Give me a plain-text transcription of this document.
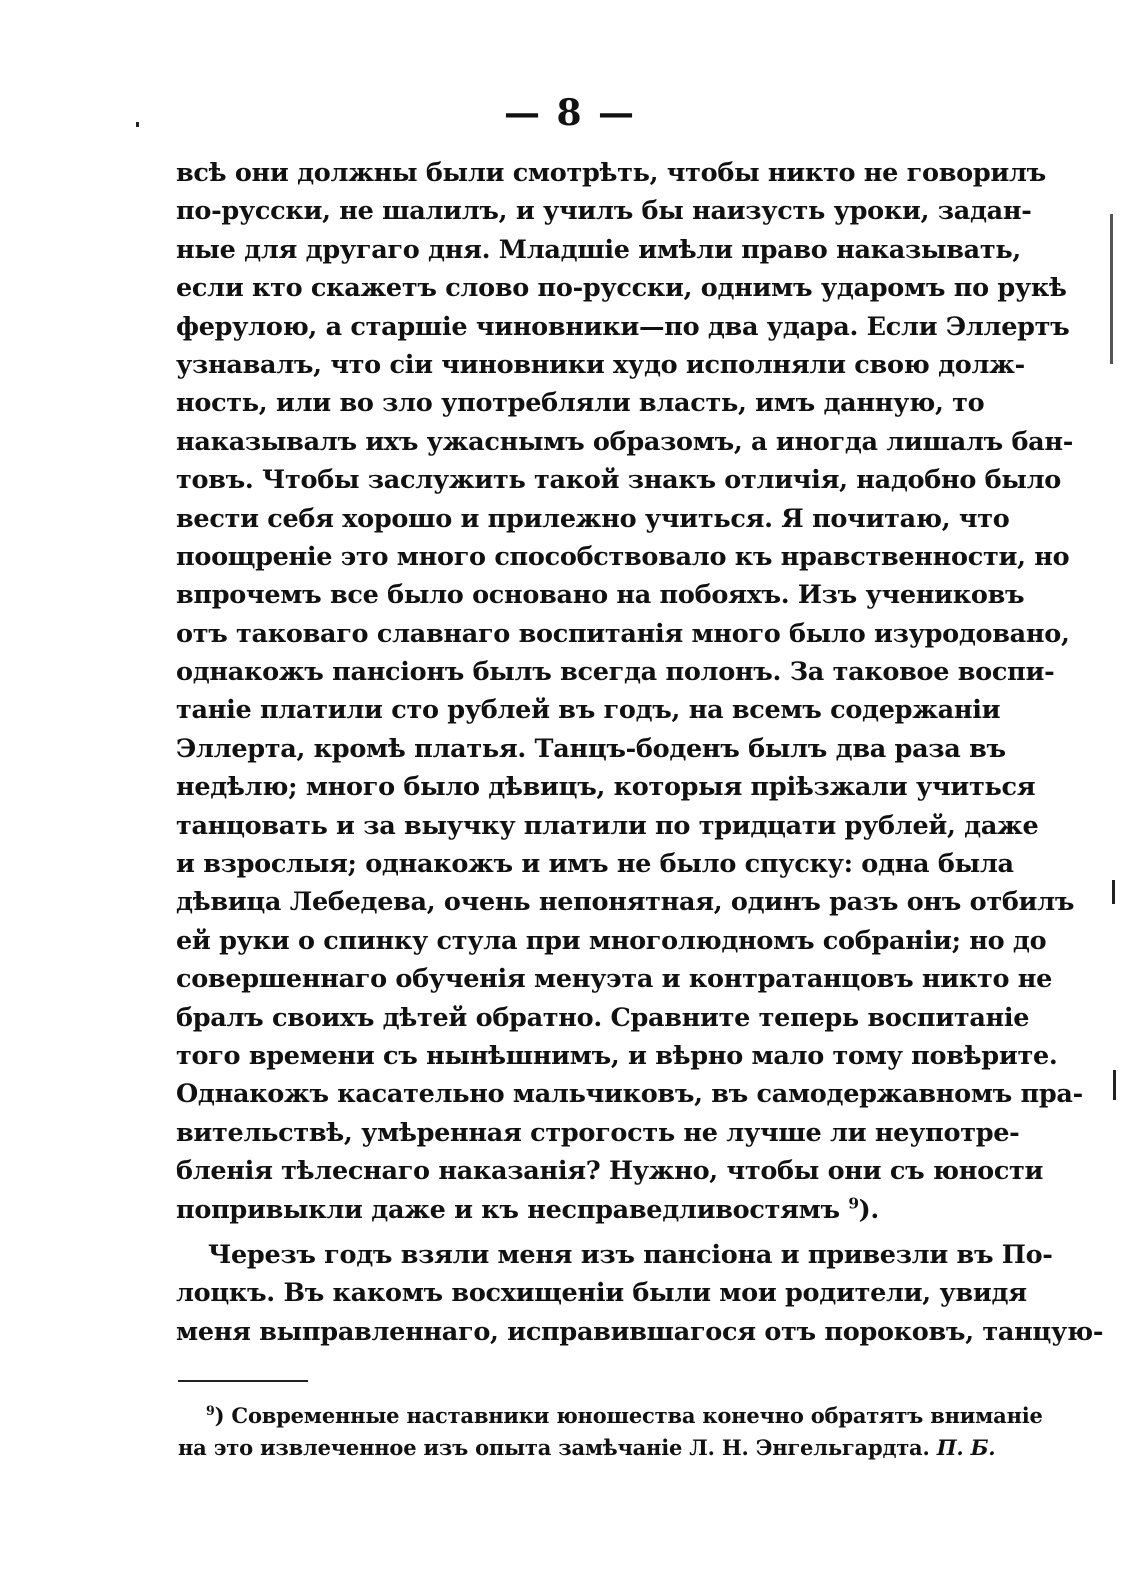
— 8 —
всѣ они должны были смотрѣть, чтобы никто не говорилъ
по-русски, не шалилъ, и училъ бы наизусть уроки, задан-
ные для другаго дня. Младшіе имѣли право наказывать,
если кто скажетъ слово по-русски, однимъ ударомъ по рукѣ
ферулою, а старшіе чиновники—по два удара. Если Эллертъ
узнавалъ, что сіи чиновники худо исполняли свою долж-
ность, или во зло употребляли власть, имъ данную, то
наказывалъ ихъ ужаснымъ образомъ, а иногда лишалъ бан-
товъ. Чтобы заслужить такой знакъ отличія, надобно было
вести себя хорошо и прилежно учиться. Я почитаю, что
поощреніе это много способствовало къ нравственности, но
впрочемъ все было основано на побояхъ. Изъ учениковъ
отъ таковаго славнаго воспитанія много было изуродовано,
однакожъ пансіонъ былъ всегда полонъ. За таковое воспи-
таніе платили сто рублей въ годъ, на всемъ содержаніи
Эллерта, кромѣ платья. Танцъ-боденъ былъ два раза въ
недѣлю; много было дѣвицъ, которыя пріѣзжали учиться
танцовать и за выучку платили по тридцати рублей, даже
и взрослыя; однакожъ и имъ не было спуску: одна была
дѣвица Лебедева, очень непонятная, одинъ разъ онъ отбилъ
ей руки о спинку стула при многолюдномъ собраніи; но до
совершеннаго обученія менуэта и контратанцовъ никто не
бралъ своихъ дѣтей обратно. Сравните теперь воспитаніе
того времени съ нынѣшнимъ, и вѣрно мало тому повѣрите.
Однакожъ касательно мальчиковъ, въ самодержавномъ пра-
вительствѣ, умѣренная строгость не лучше ли неупотре-
бленія тѣлеснаго наказанія? Нужно, чтобы они съ юности
попривыкли даже и къ несправедливостямъ $^9$).
Черезъ годъ взяли меня изъ пансіона и привезли въ По-
лоцкъ. Въ какомъ восхищеніи были мои родители, увидя
меня выправленнаго, исправившагося отъ пороковъ, танцую-
$^9$) Современные наставники юношества конечно обратятъ вниманіе
на это извлеченное изъ опыта замѣчаніе Л. Н. Энгельгардта. П. Б.
